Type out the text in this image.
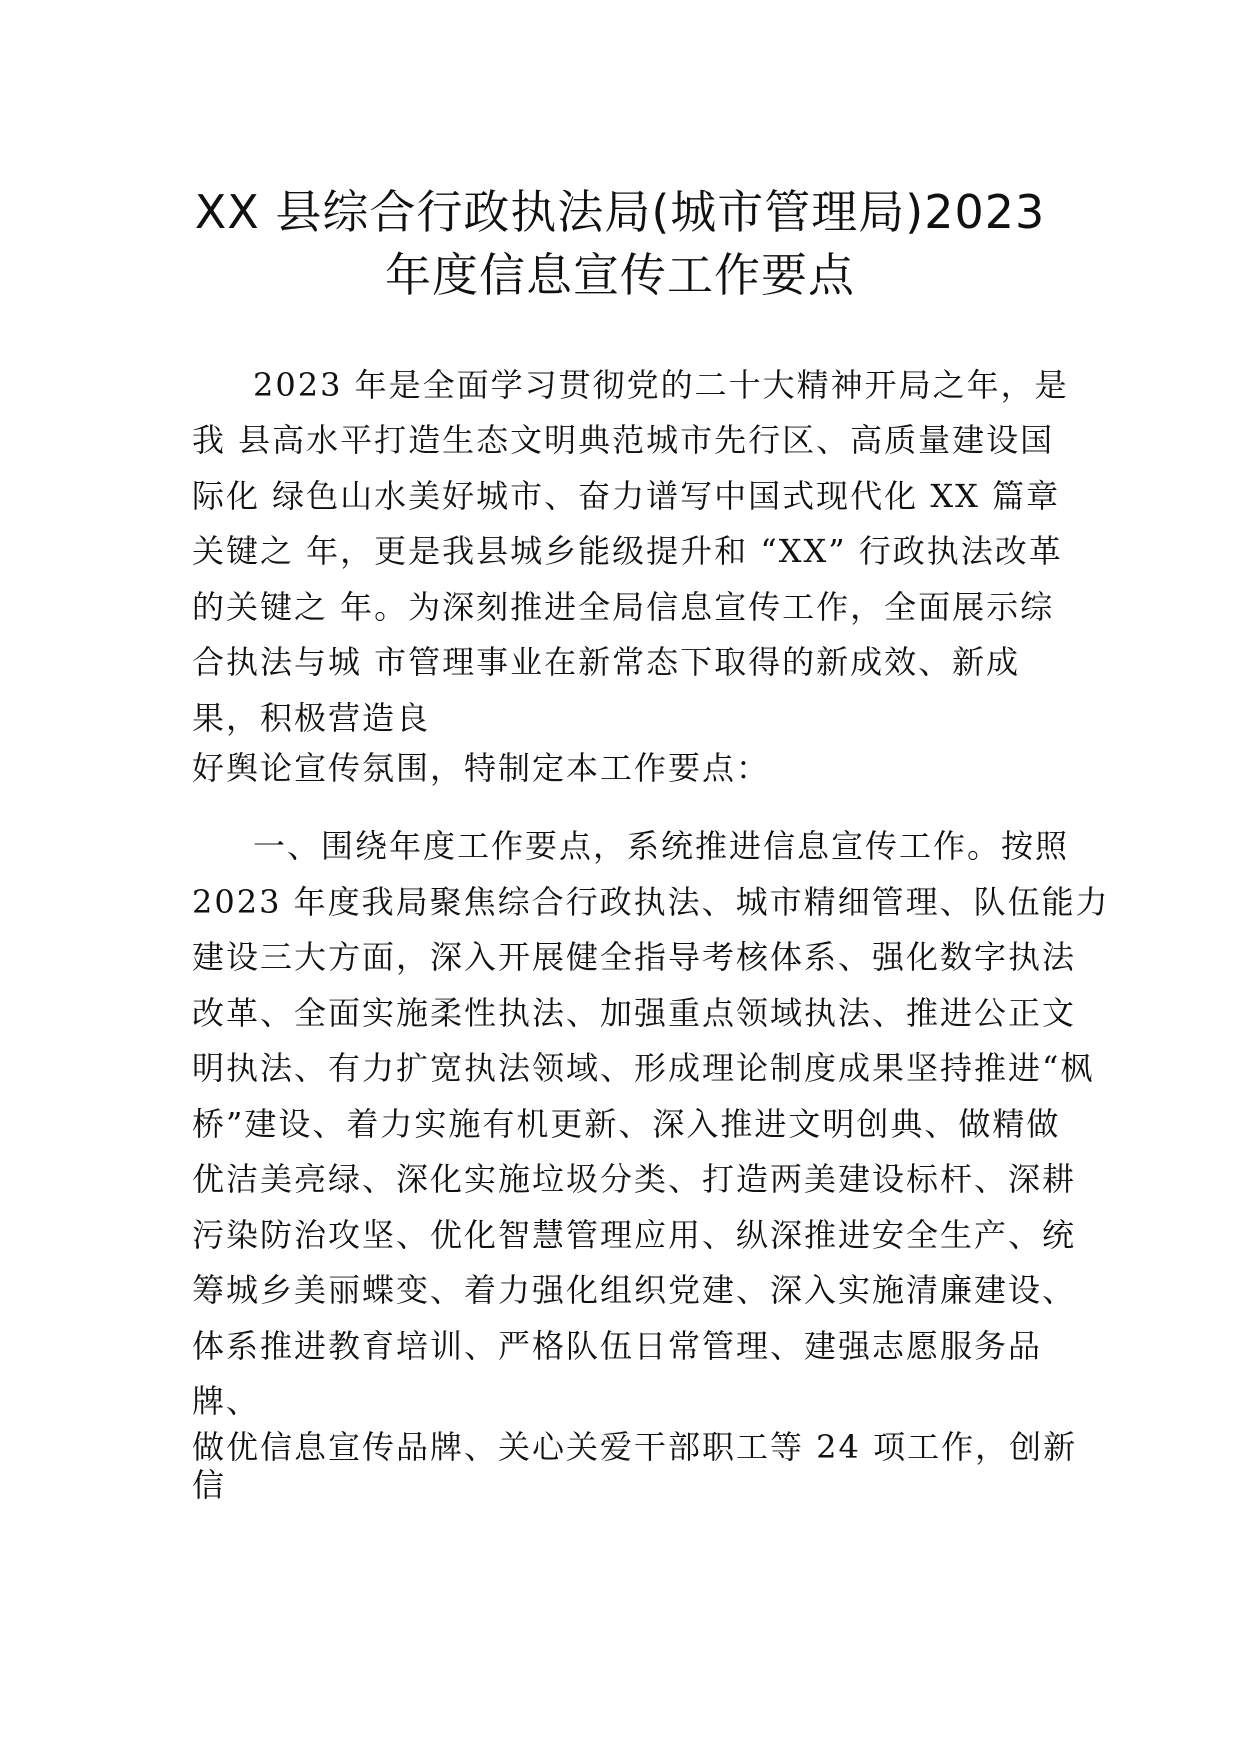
XX 县综合行政执法局(城市管理局)2023
年度信息宣传工作要点

2023 年是全面学习贯彻党的二十大精神开局之年，是

我 县高水平打造生态文明典范城市先行区、高质量建设国

际化 绿色山水美好城市、奋力谱写中国式现代化 XX 篇章

关键之 年，更是我县城乡能级提升和 “XX” 行政执法改革

的关键之 年。为深刻推进全局信息宣传工作，全面展示综

合执法与城 市管理事业在新常态下取得的新成效、新成

果，积极营造良

好舆论宣传氛围，特制定本工作要点：

一、围绕年度工作要点，系统推进信息宣传工作。按照

2023 年度我局聚焦综合行政执法、城市精细管理、队伍能力

建设三大方面，深入开展健全指导考核体系、强化数字执法

改革、全面实施柔性执法、加强重点领域执法、推进公正文

明执法、有力扩宽执法领域、形成理论制度成果坚持推进“枫

桥”建设、着力实施有机更新、深入推进文明创典、做精做

优洁美亮绿、深化实施垃圾分类、打造两美建设标杆、深耕

污染防治攻坚、优化智慧管理应用、纵深推进安全生产、统

筹城乡美丽蝶变、着力强化组织党建、深入实施清廉建设、

体系推进教育培训、严格队伍日常管理、建强志愿服务品

牌、

做优信息宣传品牌、关心关爱干部职工等 24 项工作，创新

信
